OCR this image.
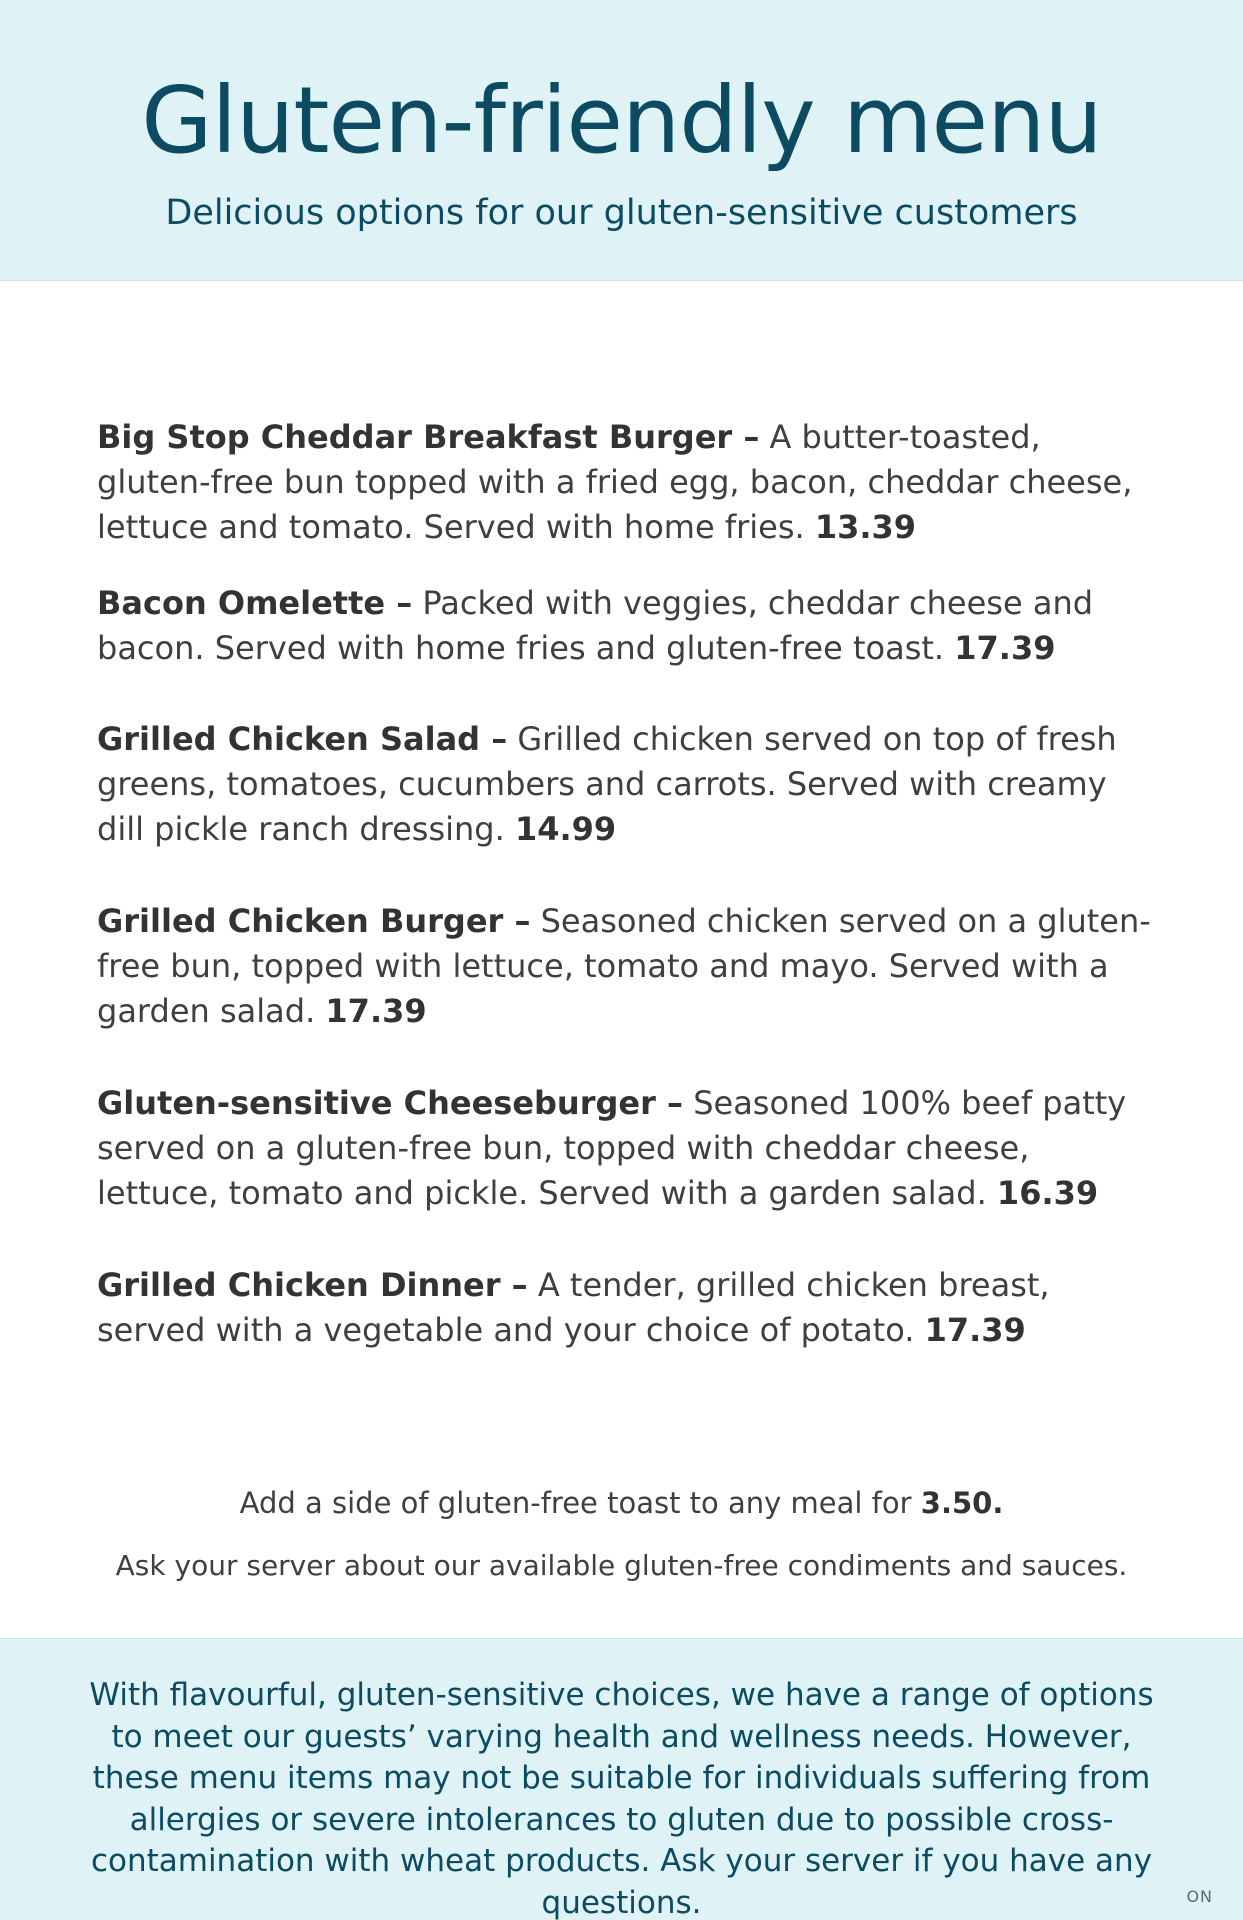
Gluten-friendly menu
Delicious options for our gluten-sensitive customers

Big Stop Cheddar Breakfast Burger – A butter-toasted, gluten-free bun topped with a fried egg, bacon, cheddar cheese, lettuce and tomato. Served with home fries. 13.39

Bacon Omelette – Packed with veggies, cheddar cheese and bacon. Served with home fries and gluten-free toast. 17.39

Grilled Chicken Salad – Grilled chicken served on top of fresh greens, tomatoes, cucumbers and carrots. Served with creamy dill pickle ranch dressing. 14.99

Grilled Chicken Burger – Seasoned chicken served on a gluten-free bun, topped with lettuce, tomato and mayo. Served with a garden salad. 17.39

Gluten-sensitive Cheeseburger – Seasoned 100% beef patty served on a gluten-free bun, topped with cheddar cheese, lettuce, tomato and pickle. Served with a garden salad. 16.39

Grilled Chicken Dinner – A tender, grilled chicken breast, served with a vegetable and your choice of potato. 17.39

Add a side of gluten-free toast to any meal for 3.50.
Ask your server about our available gluten-free condiments and sauces.

With flavourful, gluten-sensitive choices, we have a range of options to meet our guests’ varying health and wellness needs. However, these menu items may not be suitable for individuals suffering from allergies or severe intolerances to gluten due to possible cross-contamination with wheat products. Ask your server if you have any questions.	ON
